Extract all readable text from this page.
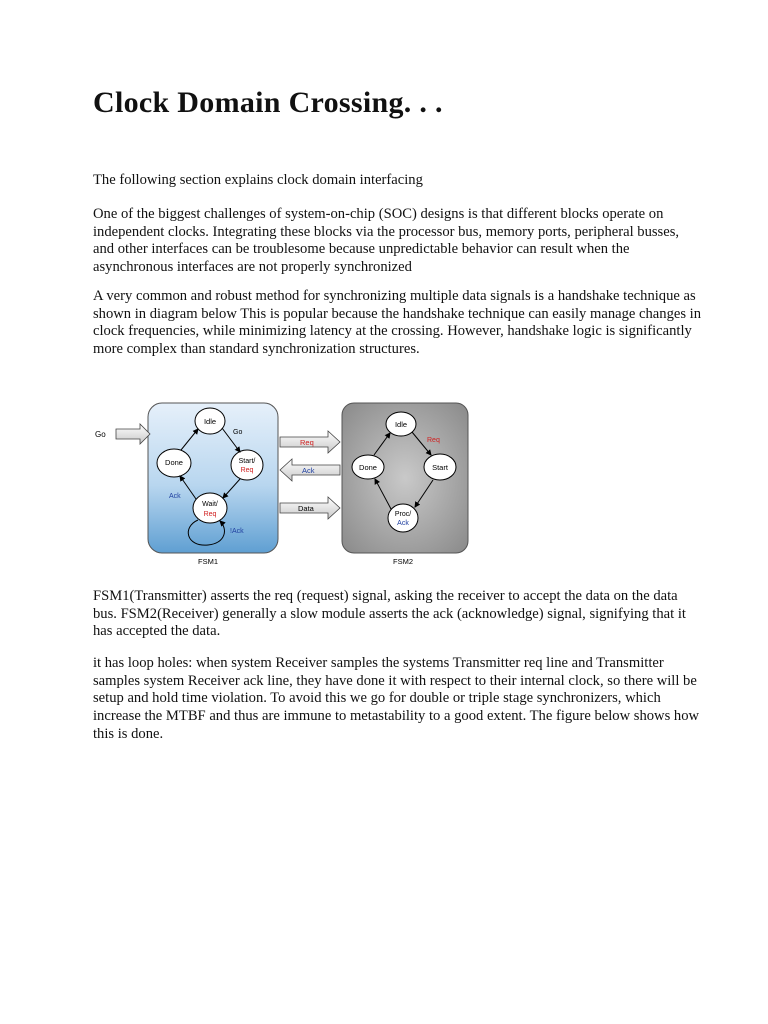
Clock Domain Crossing. . .

The following section explains clock domain interfacing

One of the biggest challenges of system-on-chip (SOC) designs is that different blocks operate on independent clocks. Integrating these blocks via the processor bus, memory ports, peripheral busses, and other interfaces can be troublesome because unpredictable behavior can result when the asynchronous interfaces are not properly synchronized

A very common and robust method for synchronizing multiple data signals is a handshake technique as shown in diagram below This is popular because the handshake technique can easily manage changes in clock frequencies, while minimizing latency at the crossing. However, handshake logic is significantly more complex than standard synchronization structures.

Go
Idle
Done	Start/
Req
Wait/
Req
Go
Ack
!Ack
Req
Ack
Data
Idle
Done	Start
Proc/
Ack
Req
FSM1	FSM2

FSM1(Transmitter) asserts the req (request) signal, asking the receiver to accept the data on the data bus. FSM2(Receiver) generally a slow module asserts the ack (acknowledge) signal, signifying that it has accepted the data.

it has loop holes: when system Receiver samples the systems Transmitter req line and Transmitter samples system Receiver ack line, they have done it with respect to their internal clock, so there will be setup and hold time violation. To avoid this we go for double or triple stage synchronizers, which increase the MTBF and thus are immune to metastability to a good extent. The figure below shows how this is done.
